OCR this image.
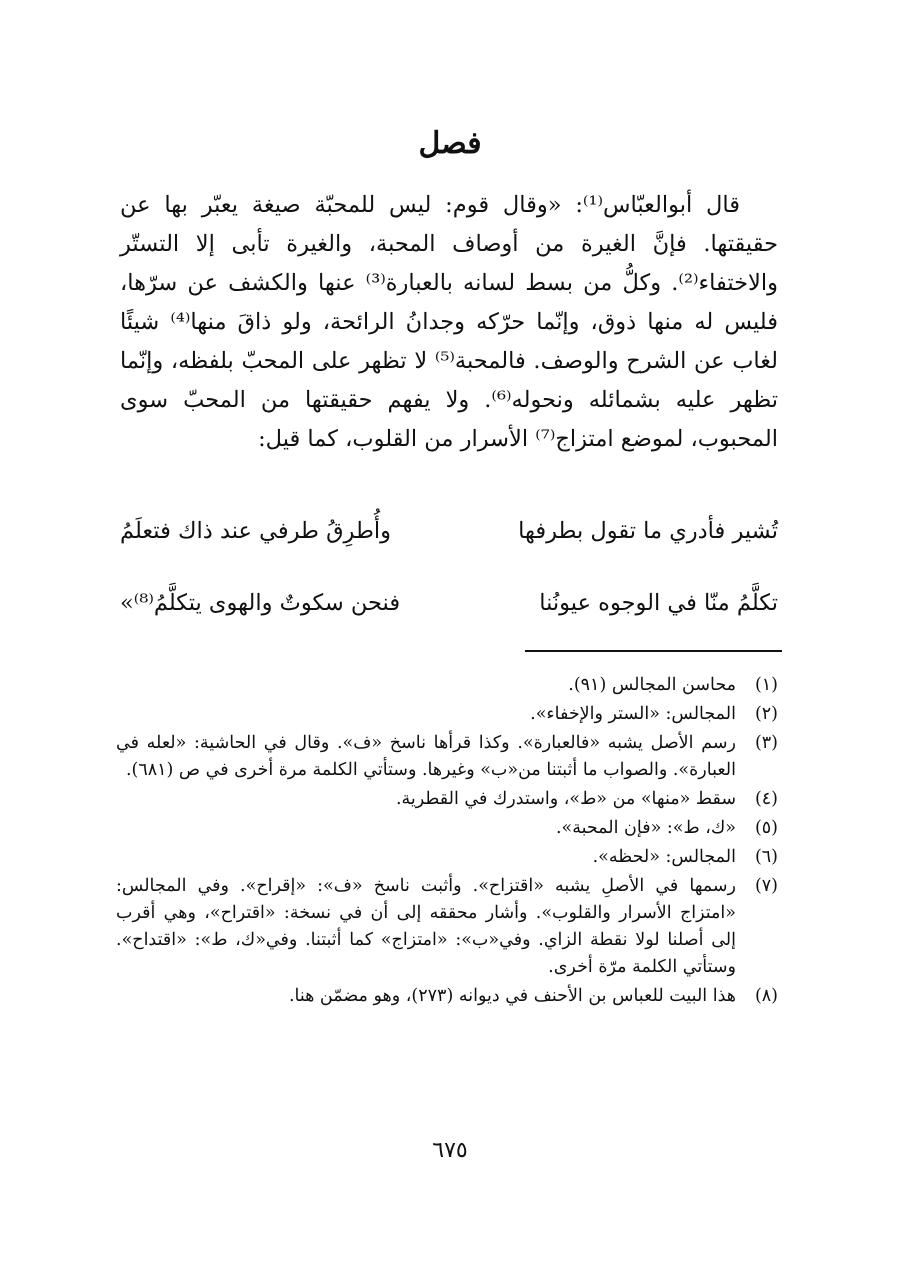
فصل

قال أبوالعبّاس⁽¹⁾: «وقال قوم: ليس للمحبّة صيغة يعبّر بها عن حقيقتها. فإنَّ الغيرة من أوصاف المحبة، والغيرة تأبى إلا التستّر والاختفاء⁽²⁾. وكلُّ من بسط لسانه بالعبارة⁽³⁾ عنها والكشف عن سرّها، فليس له منها ذوق، وإنّما حرّكه وجدانُ الرائحة، ولو ذاقَ منها⁽⁴⁾ شيئًا لغاب عن الشرح والوصف. فالمحبة⁽⁵⁾ لا تظهر على المحبّ بلفظه، وإنّما تظهر عليه بشمائله ونحوله⁽⁶⁾. ولا يفهم حقيقتها من المحبّ سوى المحبوب، لموضع امتزاج⁽⁷⁾ الأسرار من القلوب، كما قيل:

تُشير فأدري ما تقول بطرفها
وأُطرِقُ طرفي عند ذاك فتعلَمُ
تكلَّمُ منّا في الوجوه عيونُنا
فنحن سكوتٌ والهوى يتكلَّمُ⁽⁸⁾»
(١)
محاسن المجالس (٩١).
(٢)
المجالس: «الستر والإخفاء».
(٣)
رسم الأصل يشبه «فالعبارة». وكذا قرأها ناسخ «ف». وقال في الحاشية: «لعله في العبارة». والصواب ما أثبتنا من«ب» وغيرها. وستأتي الكلمة مرة أخرى في ص (٦٨١).
(٤)
سقط «منها» من «ط»، واستدرك في القطرية.
(٥)
«ك، ط»: «فإن المحبة».
(٦)
المجالس: «لحظه».
(٧)
رسمها في الأصلِ يشبه «اقتزاح». وأثبت ناسخ «ف»: «إقراح». وفي المجالس: «امتزاج الأسرار والقلوب». وأشار محققه إلى أن في نسخة: «اقتراح»، وهي أقرب إلى أصلنا لولا نقطة الزاي. وفي«ب»: «امتزاج» كما أثبتنا. وفي«ك، ط»: «اقتداح». وستأتي الكلمة مرّة أخرى.
(٨)
هذا البيت للعباس بن الأحنف في ديوانه (٢٧٣)، وهو مضمّن هنا.
٦٧٥
